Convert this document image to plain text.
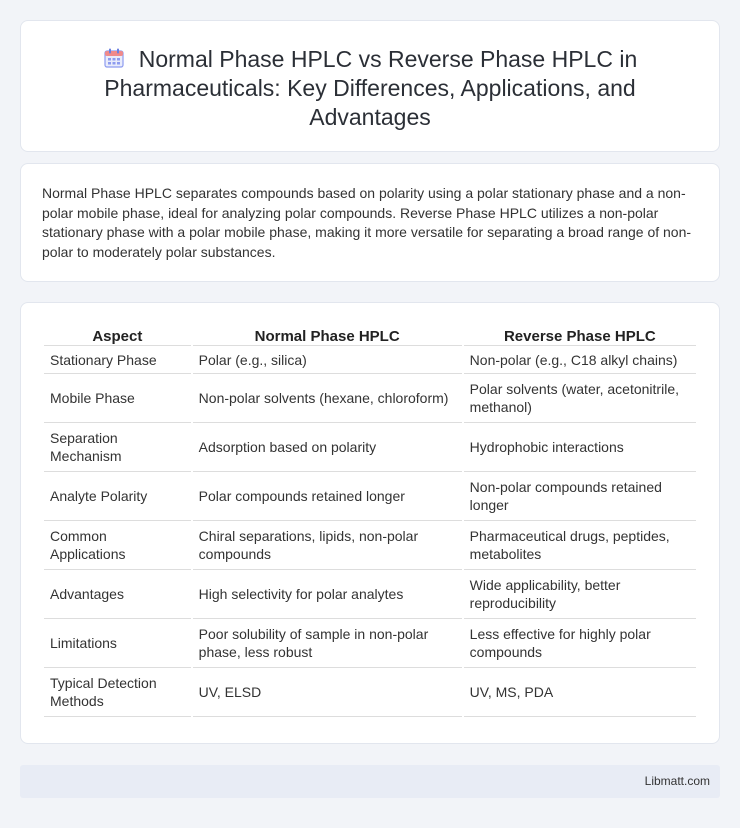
Normal Phase HPLC vs Reverse Phase HPLC in Pharmaceuticals: Key Differences, Applications, and Advantages

Normal Phase HPLC separates compounds based on polarity using a polar stationary phase and a non-polar mobile phase, ideal for analyzing polar compounds. Reverse Phase HPLC utilizes a non-polar stationary phase with a polar mobile phase, making it more versatile for separating a broad range of non-polar to moderately polar substances.

Aspect	Normal Phase HPLC	Reverse Phase HPLC
Stationary Phase	Polar (e.g., silica)	Non-polar (e.g., C18 alkyl chains)
Mobile Phase	Non-polar solvents (hexane, chloroform)	Polar solvents (water, acetonitrile, methanol)
Separation Mechanism	Adsorption based on polarity	Hydrophobic interactions
Analyte Polarity	Polar compounds retained longer	Non-polar compounds retained longer
Common Applications	Chiral separations, lipids, non-polar compounds	Pharmaceutical drugs, peptides, metabolites
Advantages	High selectivity for polar analytes	Wide applicability, better reproducibility
Limitations	Poor solubility of sample in non-polar phase, less robust	Less effective for highly polar compounds
Typical Detection Methods	UV, ELSD	UV, MS, PDA
Libmatt.com
